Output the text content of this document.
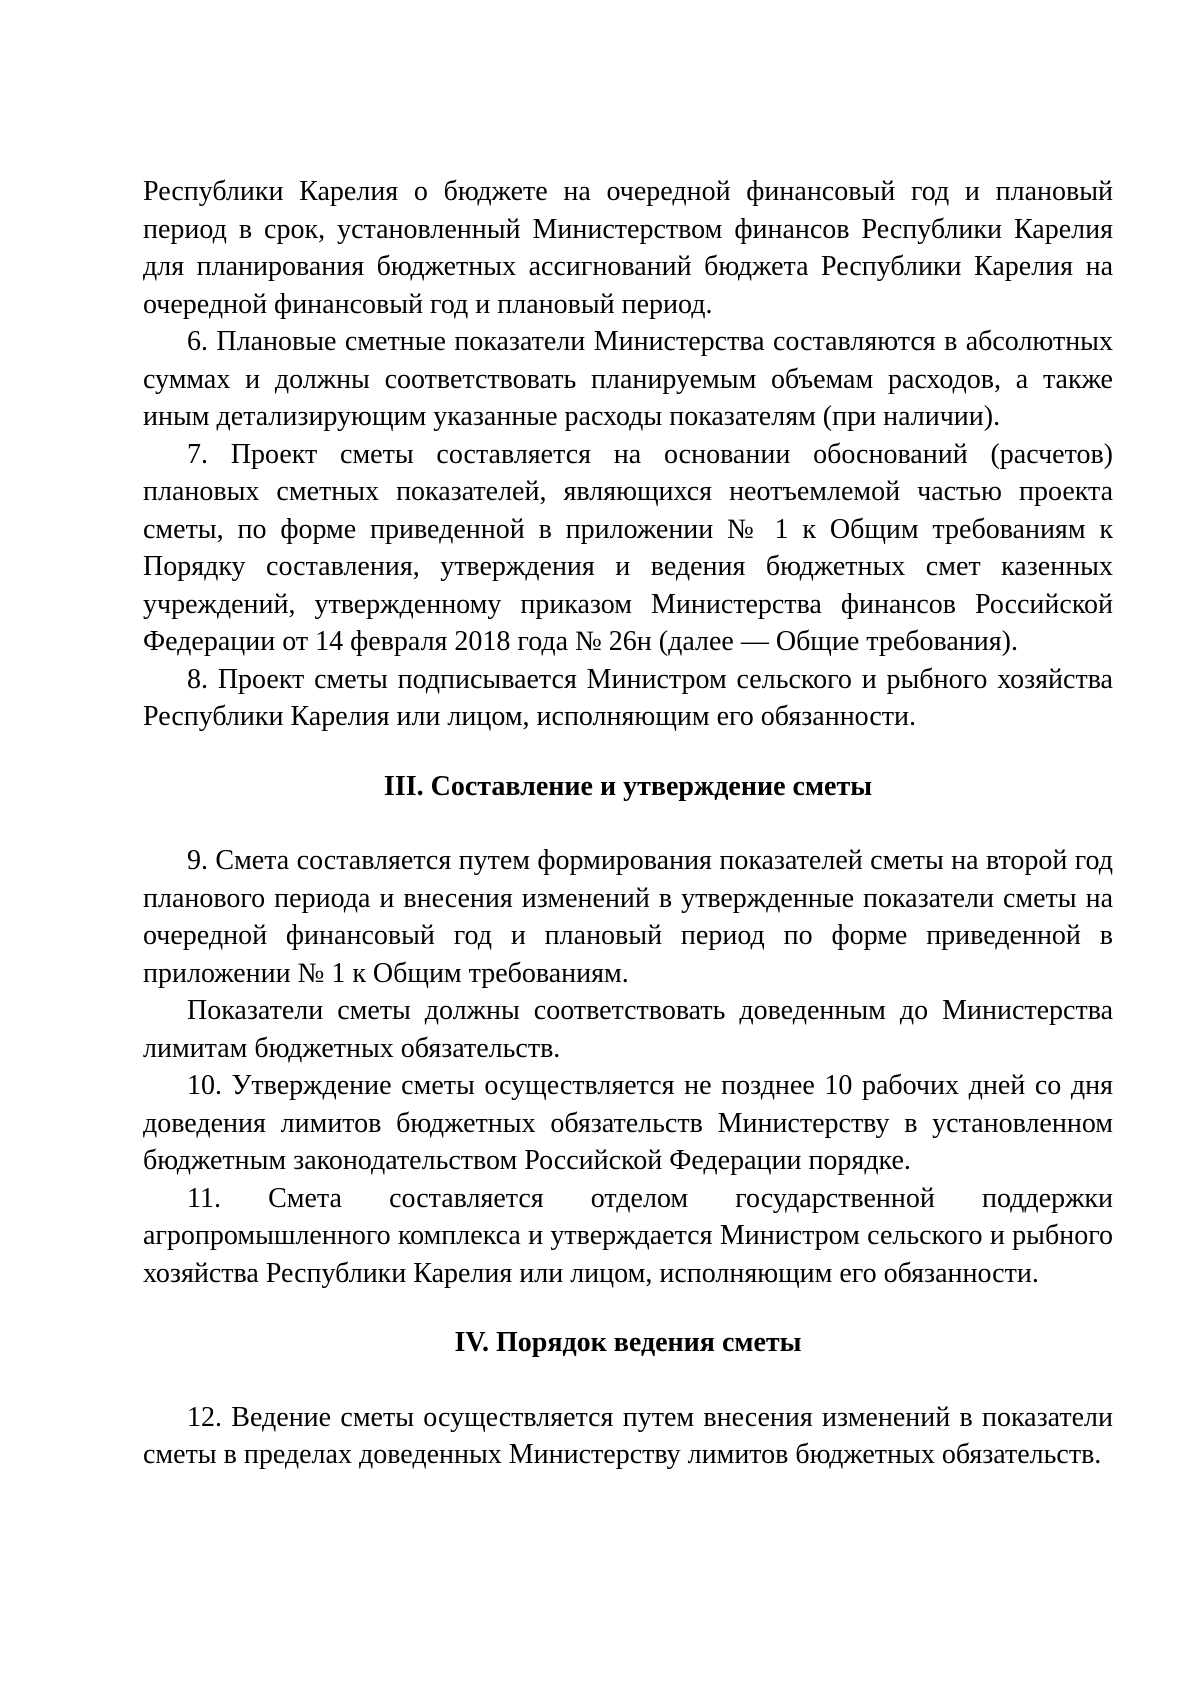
Республики Карелия о бюджете на очередной финансовый год и плановый период в срок, установленный Министерством финансов Республики Карелия для планирования бюджетных ассигнований бюджета Республики Карелия на очередной финансовый год и плановый период.

6. Плановые сметные показатели Министерства составляются в абсолютных суммах и должны соответствовать планируемым объемам расходов, а также иным детализирующим указанные расходы показателям (при наличии).

7. Проект сметы составляется на основании обоснований (расчетов) плановых сметных показателей, являющихся неотъемлемой частью проекта сметы, по форме приведенной в приложении № 1 к Общим требованиям к Порядку составления, утверждения и ведения бюджетных смет казенных учреждений, утвержденному приказом Министерства финансов Российской Федерации от 14 февраля 2018 года № 26н (далее — Общие требования).

8. Проект сметы подписывается Министром сельского и рыбного хозяйства Республики Карелия или лицом, исполняющим его обязанности.

III. Составление и утверждение сметы

9. Смета составляется путем формирования показателей сметы на второй год планового периода и внесения изменений в утвержденные показатели сметы на очередной финансовый год и плановый период по форме приведенной в приложении № 1 к Общим требованиям.

Показатели сметы должны соответствовать доведенным до Министерства лимитам бюджетных обязательств.

10. Утверждение сметы осуществляется не позднее 10 рабочих дней со дня доведения лимитов бюджетных обязательств Министерству в установленном бюджетным законодательством Российской Федерации порядке.

11. Смета составляется отделом государственной поддержки агропромышленного комплекса и утверждается Министром сельского и рыбного хозяйства Республики Карелия или лицом, исполняющим его обязанности.

IV. Порядок ведения сметы

12. Ведение сметы осуществляется путем внесения изменений в показатели сметы в пределах доведенных Министерству лимитов бюджетных обязательств.
